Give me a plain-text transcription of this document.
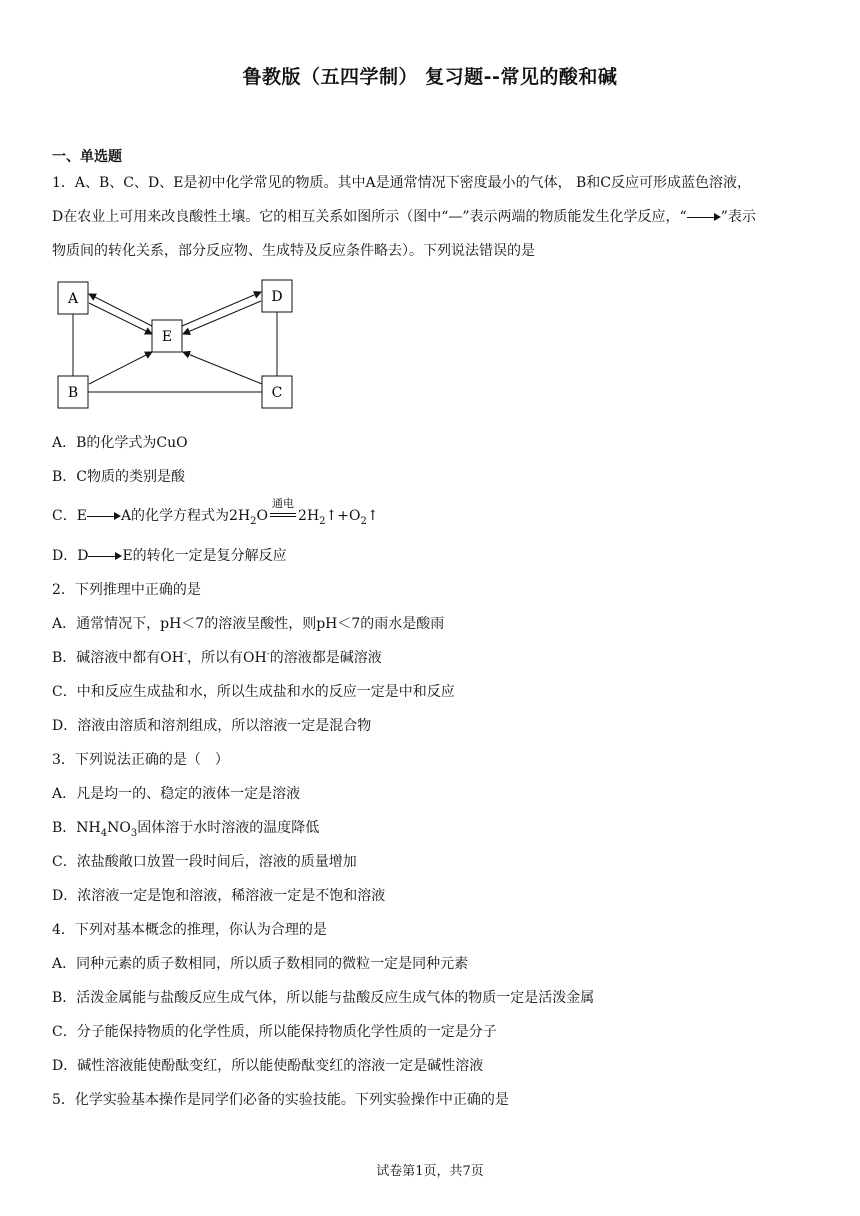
鲁教版（五四学制） 复习题--常见的酸和碱
一、单选题
1．A、B、C、D、E是初中化学常见的物质。其中A是通常情况下密度最小的气体， B和C反应可形成蓝色溶液，
D在农业上可用来改良酸性土壤。它的相互关系如图所示（图中“—”表示两端的物质能发生化学反应，“ ”表示
物质间的转化关系，部分反应物、生成特及反应条件略去）。下列说法错误的是
A	D
E
B	C
A．B的化学式为CuO
B．C物质的类别是酸
C．E A的化学方程式为$2H_2O$
通电
$2H_2↑+O_2↑$
D．D E的转化一定是复分解反应
2．下列推理中正确的是
A．通常情况下，pH＜7的溶液呈酸性，则pH＜7的雨水是酸雨
B．碱溶液中都有OH-，所以有OH-的溶液都是碱溶液
C．中和反应生成盐和水，所以生成盐和水的反应一定是中和反应
D．溶液由溶质和溶剂组成，所以溶液一定是混合物
3．下列说法正确的是（　）
A．凡是均一的、稳定的液体一定是溶液
B．$NH_4NO_3$固体溶于水时溶液的温度降低
C．浓盐酸敞口放置一段时间后，溶液的质量增加
D．浓溶液一定是饱和溶液，稀溶液一定是不饱和溶液
4．下列对基本概念的推理，你认为合理的是
A．同种元素的质子数相同，所以质子数相同的微粒一定是同种元素
B．活泼金属能与盐酸反应生成气体，所以能与盐酸反应生成气体的物质一定是活泼金属
C．分子能保持物质的化学性质，所以能保持物质化学性质的一定是分子
D．碱性溶液能使酚酞变红，所以能使酚酞变红的溶液一定是碱性溶液
5．化学实验基本操作是同学们必备的实验技能。下列实验操作中正确的是
试卷第1页，共7页
